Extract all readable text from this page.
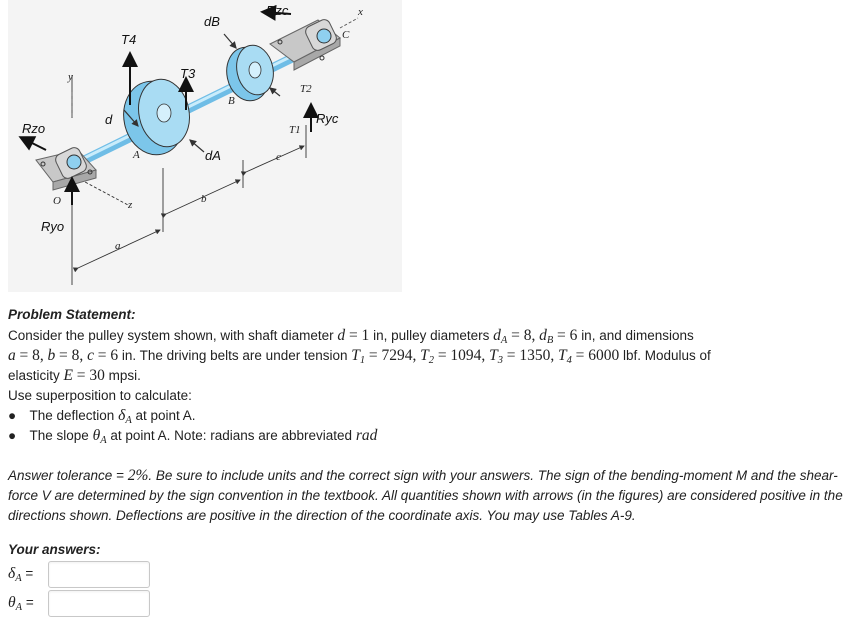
T4
dB
Rzc	x
C
T3
B
T2
T1
Ryc
y
d
Rzo
A	dA	c
O	z	b
Ryo
a
Problem Statement:
Consider the pulley system shown, with shaft diameter d = 1 in, pulley diameters $d_A = 8$, $d_B = 6$ in, and dimensions
a = 8, b = 8, c = 6 in. The driving belts are under tension $T_1 = 7294$, $T_2 = 1094$, $T_3 = 1350$, $T_4 = 6000$ lbf. Modulus of
elasticity E = 30 mpsi.
Use superposition to calculate:
● The deflection $\delta_A$ at point A.
● The slope $\theta_A$ at point A. Note: radians are abbreviated rad
Answer tolerance = 2%. Be sure to include units and the correct sign with your answers. The sign of the bending-moment M and the shear-force V are determined by the sign convention in the textbook. All quantities shown with arrows (in the figures) are considered positive in the directions shown. Deflections are positive in the direction of the coordinate axis. You may use Tables A-9.
Your answers:
$\delta_A$ =
$\theta_A$ =
